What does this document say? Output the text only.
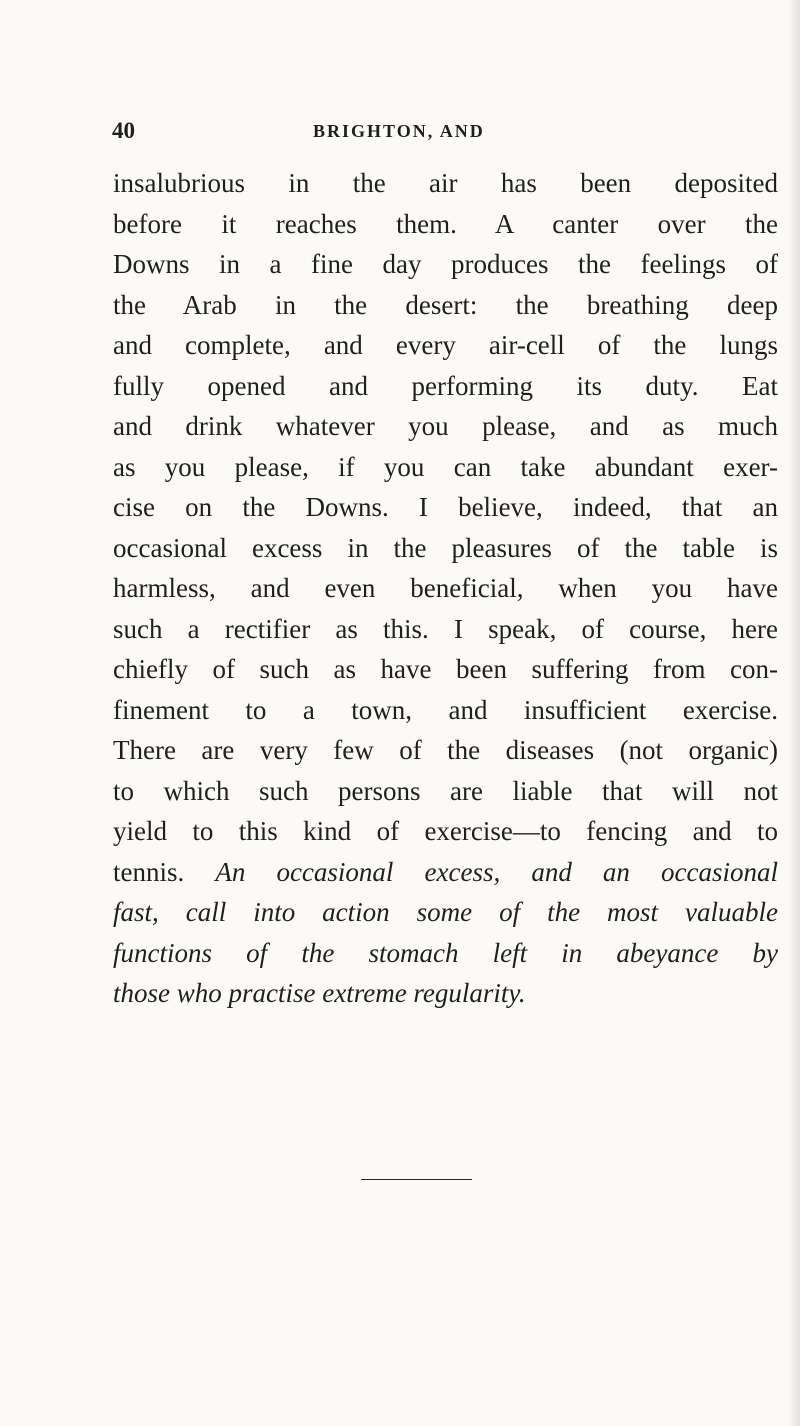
40	BRIGHTON, AND
insalubrious in the air has been deposited
before it reaches them. A canter over the
Downs in a fine day produces the feelings of
the Arab in the desert: the breathing deep
and complete, and every air-cell of the lungs
fully opened and performing its duty. Eat
and drink whatever you please, and as much
as you please, if you can take abundant exer-
cise on the Downs. I believe, indeed, that an
occasional excess in the pleasures of the table is
harmless, and even beneficial, when you have
such a rectifier as this. I speak, of course, here
chiefly of such as have been suffering from con-
finement to a town, and insufficient exercise.
There are very few of the diseases (not organic)
to which such persons are liable that will not
yield to this kind of exercise—to fencing and to
tennis. An occasional excess, and an occasional
fast, call into action some of the most valuable
functions of the stomach left in abeyance by
those who practise extreme regularity.
